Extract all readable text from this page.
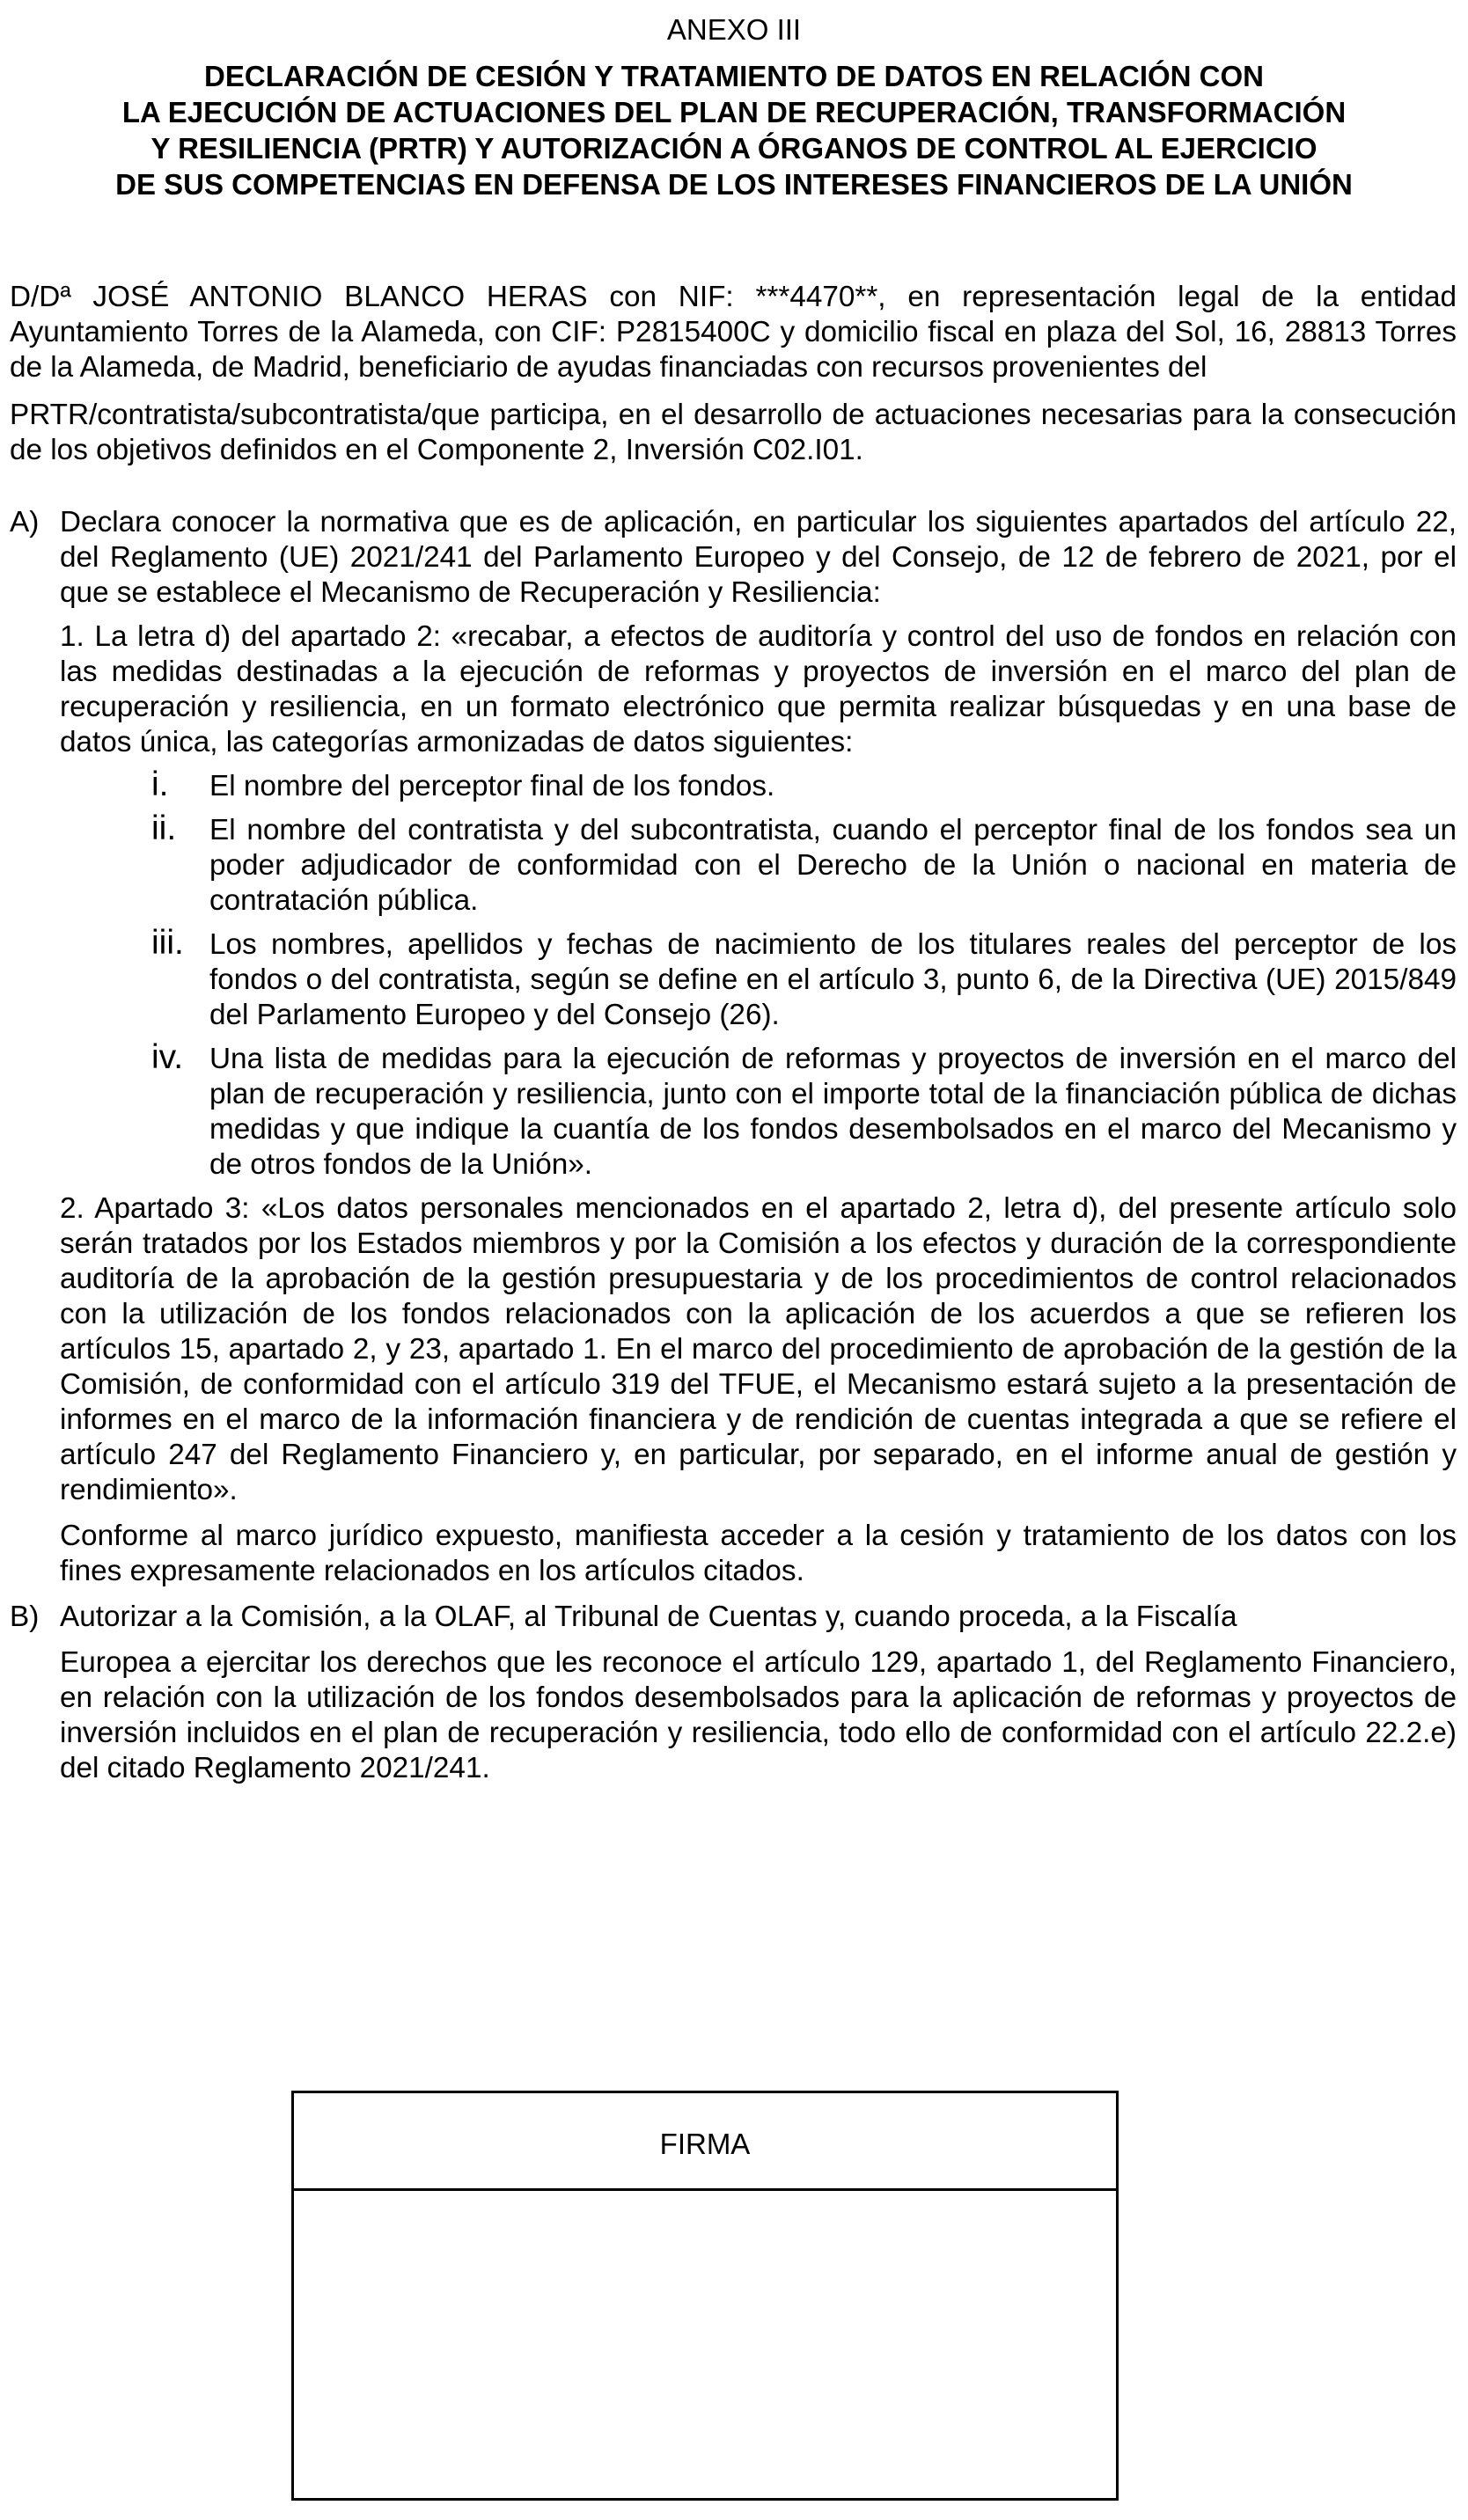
ANEXO III
DECLARACIÓN DE CESIÓN Y TRATAMIENTO DE DATOS EN RELACIÓN CON
LA EJECUCIÓN DE ACTUACIONES DEL PLAN DE RECUPERACIÓN, TRANSFORMACIÓN
Y RESILIENCIA (PRTR) Y AUTORIZACIÓN A ÓRGANOS DE CONTROL AL EJERCICIO
DE SUS COMPETENCIAS EN DEFENSA DE LOS INTERESES FINANCIEROS DE LA UNIÓN

D/Dª JOSÉ ANTONIO BLANCO HERAS con NIF: ***4470**, en representación legal de la entidad Ayuntamiento Torres de la Alameda, con CIF: P2815400C y domicilio fiscal en plaza del Sol, 16, 28813 Torres de la Alameda, de Madrid, beneficiario de ayudas financiadas con recursos provenientes del

PRTR/contratista/subcontratista/que participa, en el desarrollo de actuaciones necesarias para la consecución de los objetivos definidos en el Componente 2, Inversión C02.I01.

A) Declara conocer la normativa que es de aplicación, en particular los siguientes apartados del artículo 22, del Reglamento (UE) 2021/241 del Parlamento Europeo y del Consejo, de 12 de febrero de 2021, por el que se establece el Mecanismo de Recuperación y Resiliencia:

1. La letra d) del apartado 2: «recabar, a efectos de auditoría y control del uso de fondos en relación con las medidas destinadas a la ejecución de reformas y proyectos de inversión en el marco del plan de recuperación y resiliencia, en un formato electrónico que permita realizar búsquedas y en una base de datos única, las categorías armonizadas de datos siguientes:

i. El nombre del perceptor final de los fondos.

ii. El nombre del contratista y del subcontratista, cuando el perceptor final de los fondos sea un poder adjudicador de conformidad con el Derecho de la Unión o nacional en materia de contratación pública.

iii. Los nombres, apellidos y fechas de nacimiento de los titulares reales del perceptor de los fondos o del contratista, según se define en el artículo 3, punto 6, de la Directiva (UE) 2015/849 del Parlamento Europeo y del Consejo (26).

iv. Una lista de medidas para la ejecución de reformas y proyectos de inversión en el marco del plan de recuperación y resiliencia, junto con el importe total de la financiación pública de dichas medidas y que indique la cuantía de los fondos desembolsados en el marco del Mecanismo y de otros fondos de la Unión».

2. Apartado 3: «Los datos personales mencionados en el apartado 2, letra d), del presente artículo solo serán tratados por los Estados miembros y por la Comisión a los efectos y duración de la correspondiente auditoría de la aprobación de la gestión presupuestaria y de los procedimientos de control relacionados con la utilización de los fondos relacionados con la aplicación de los acuerdos a que se refieren los artículos 15, apartado 2, y 23, apartado 1. En el marco del procedimiento de aprobación de la gestión de la Comisión, de conformidad con el artículo 319 del TFUE, el Mecanismo estará sujeto a la presentación de informes en el marco de la información financiera y de rendición de cuentas integrada a que se refiere el artículo 247 del Reglamento Financiero y, en particular, por separado, en el informe anual de gestión y rendimiento».

Conforme al marco jurídico expuesto, manifiesta acceder a la cesión y tratamiento de los datos con los fines expresamente relacionados en los artículos citados.

B) Autorizar a la Comisión, a la OLAF, al Tribunal de Cuentas y, cuando proceda, a la Fiscalía

Europea a ejercitar los derechos que les reconoce el artículo 129, apartado 1, del Reglamento Financiero, en relación con la utilización de los fondos desembolsados para la aplicación de reformas y proyectos de inversión incluidos en el plan de recuperación y resiliencia, todo ello de conformidad con el artículo 22.2.e) del citado Reglamento 2021/241.

FIRMA
